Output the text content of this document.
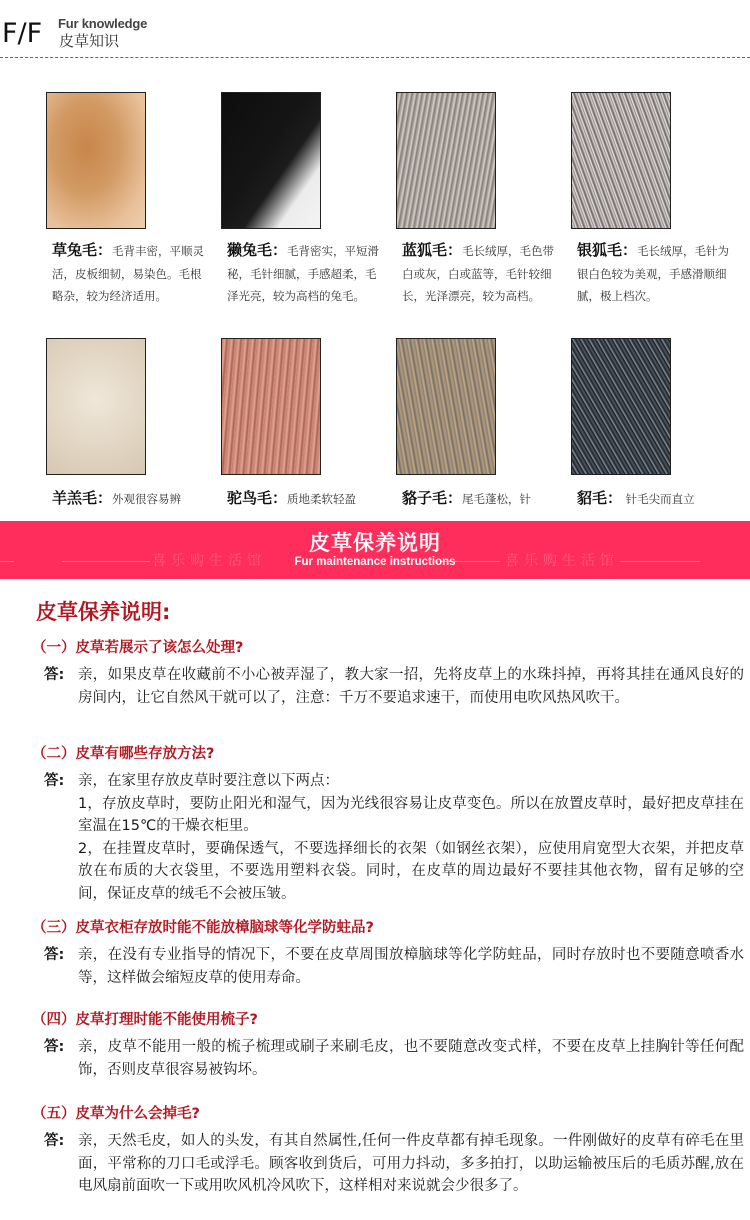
F/F Fur knowledge
皮草知识
草兔毛：毛背丰密，平顺灵活，皮板细韧，易染色。毛根略杂，较为经济适用。
獭兔毛：毛背密实，平短滑秘，毛针细腻，手感超柔，毛泽光亮，较为高档的兔毛。
蓝狐毛：毛长绒厚，毛色带白或灰，白或蓝等，毛针较细长，光泽漂亮，较为高档。
银狐毛：毛长绒厚，毛针为银白色较为美观，手感滑顺细腻，极上档次。
羊羔毛：外观很容易辨	驼鸟毛：质地柔软轻盈	貉子毛：尾毛蓬松，针	貂毛： 针毛尖而直立
喜乐购生活馆	喜乐购生活馆
皮草保养说明
Fur maintenance instructions
皮草保养说明:
（一）皮草若展示了该怎么处理?
答: 亲，如果皮草在收藏前不小心被弄湿了，教大家一招，先将皮草上的水珠抖掉，再将其挂在通风良好的房间内，让它自然风干就可以了，注意：千万不要追求速干，而使用电吹风热风吹干。

（二）皮草有哪些存放方法?
答: 亲，在家里存放皮草时要注意以下两点：

1，存放皮草时，要防止阳光和湿气，因为光线很容易让皮草变色。所以在放置皮草时，最好把皮草挂在室温在15℃的干燥衣柜里。

2，在挂置皮草时，要确保透气，不要选择细长的衣架（如钢丝衣架），应使用肩宽型大衣架，并把皮草放在布质的大衣袋里，不要选用塑料衣袋。同时，在皮草的周边最好不要挂其他衣物，留有足够的空间，保证皮草的绒毛不会被压皱。

（三）皮草衣柜存放时能不能放樟脑球等化学防蛀品?
答: 亲，在没有专业指导的情况下，不要在皮草周围放樟脑球等化学防蛀品，同时存放时也不要随意喷香水等，这样做会缩短皮草的使用寿命。

（四）皮草打理时能不能使用梳子?
答: 亲，皮草不能用一般的梳子梳理或刷子来刷毛皮，也不要随意改变式样，不要在皮草上挂胸针等任何配饰，否则皮草很容易被钩坏。

（五）皮草为什么会掉毛?
答: 亲，天然毛皮，如人的头发，有其自然属性,任何一件皮草都有掉毛现象。一件刚做好的皮草有碎毛在里面，平常称的刀口毛或浮毛。顾客收到货后，可用力抖动，多多拍打，以助运输被压后的毛质苏醒,放在电风扇前面吹一下或用吹风机冷风吹下，这样相对来说就会少很多了。
